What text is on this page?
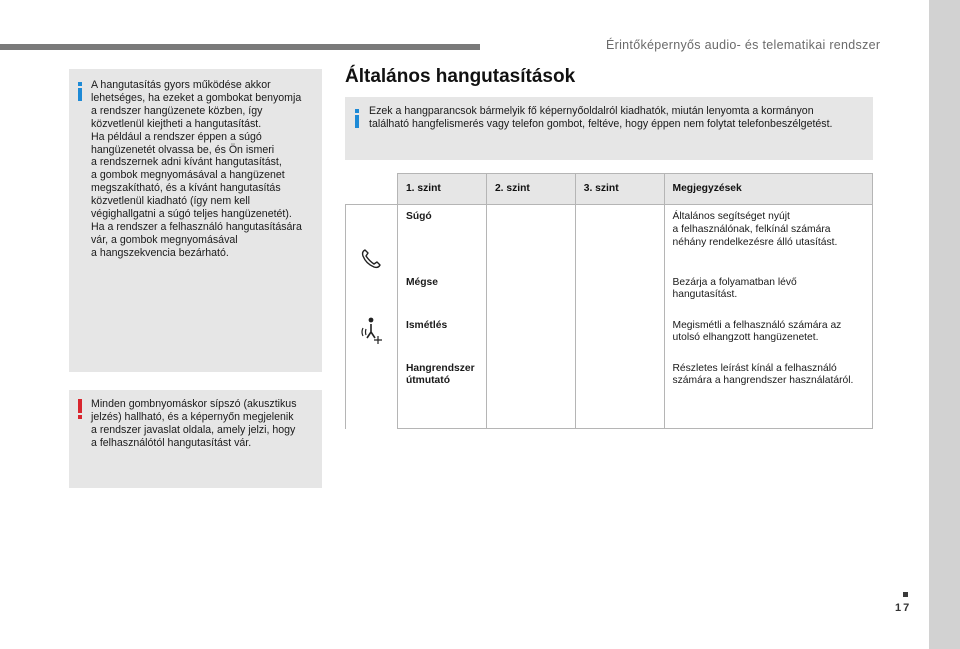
Érintőképernyős audio- és telematikai rendszer
17
A hangutasítás gyors működése akkor
lehetséges, ha ezeket a gombokat benyomja
a rendszer hangüzenete közben, így
közvetlenül kiejtheti a hangutasítást.
Ha például a rendszer éppen a súgó
hangüzenetét olvassa be, és Ön ismeri
a rendszernek adni kívánt hangutasítást,
a gombok megnyomásával a hangüzenet
megszakítható, és a kívánt hangutasítás
közvetlenül kiadható (így nem kell
végighallgatni a súgó teljes hangüzenetét).
Ha a rendszer a felhasználó hangutasítására
vár, a gombok megnyomásával
a hangszekvencia bezárható.
Minden gombnyomáskor sípszó (akusztikus
jelzés) hallható, és a képernyőn megjelenik
a rendszer javaslat oldala, amely jelzi, hogy
a felhasználótól hangutasítást vár.
Általános hangutasítások
Ezek a hangparancsok bármelyik fő képernyőoldalról kiadhatók, miután lenyomta a kormányon
található hangfelismerés vagy telefon gombot, feltéve, hogy éppen nem folytat telefonbeszélgetést.
	1. szint	2. szint	3. szint	Megjegyzések

	Súgó			Általános segítséget nyújt
a felhasználónak, felkínál számára
néhány rendelkezésre álló utasítást.
	Mégse			Bezárja a folyamatban lévő
hangutasítást.
	Ismétlés			Megismétli a felhasználó számára az
utolsó elhangzott hangüzenetet.
	Hangrendszer
útmutató			Részletes leírást kínál a felhasználó
számára a hangrendszer használatáról.
